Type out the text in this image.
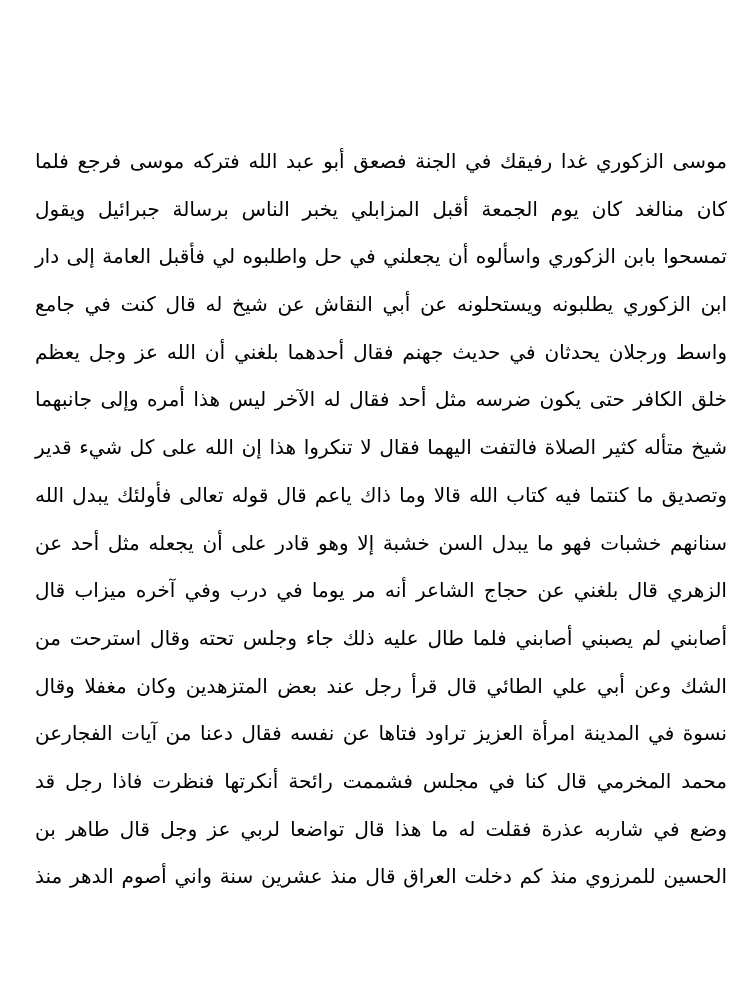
موسى الزكوري غدا رفيقك في الجنة فصعق أبو عبد الله فتركه موسى فرجع فلما
كان منالغد كان يوم الجمعة أقبل المزابلي يخبر الناس برسالة جبرائيل ويقول
تمسحوا بابن الزكوري واسألوه أن يجعلني في حل واطلبوه لي فأقبل العامة إلى دار
ابن الزكوري يطلبونه ويستحلونه عن أبي النقاش عن شيخ له قال كنت في جامع
واسط ورجلان يحدثان في حديث جهنم فقال أحدهما بلغني أن الله عز وجل يعظم
خلق الكافر حتى يكون ضرسه مثل أحد فقال له الآخر ليس هذا أمره وإلى جانبهما
شيخ متأله كثير الصلاة فالتفت اليهما فقال لا تنكروا هذا إن الله على كل شيء قدير
وتصديق ما كنتما فيه كتاب الله قالا وما ذاك ياعم قال قوله تعالى فأولئك يبدل الله
سنانهم خشبات فهو ما يبدل السن خشبة إلا وهو قادر على أن يجعله مثل أحد عن
الزهري قال بلغني عن حجاج الشاعر أنه مر يوما في درب وفي آخره ميزاب قال
أصابني لم يصبني أصابني فلما طال عليه ذلك جاء وجلس تحته وقال استرحت من
الشك وعن أبي علي الطائي قال قرأ رجل عند بعض المتزهدين وكان مغفلا وقال
نسوة في المدينة امرأة العزيز تراود فتاها عن نفسه فقال دعنا من آيات الفجارعن
محمد المخرمي قال كنا في مجلس فشممت رائحة أنكرتها فنظرت فاذا رجل قد
وضع في شاربه عذرة فقلت له ما هذا قال تواضعا لربي عز وجل قال طاهر بن
الحسين للمرزوي منذ كم دخلت العراق قال منذ عشرين سنة واني أصوم الدهر منذ
